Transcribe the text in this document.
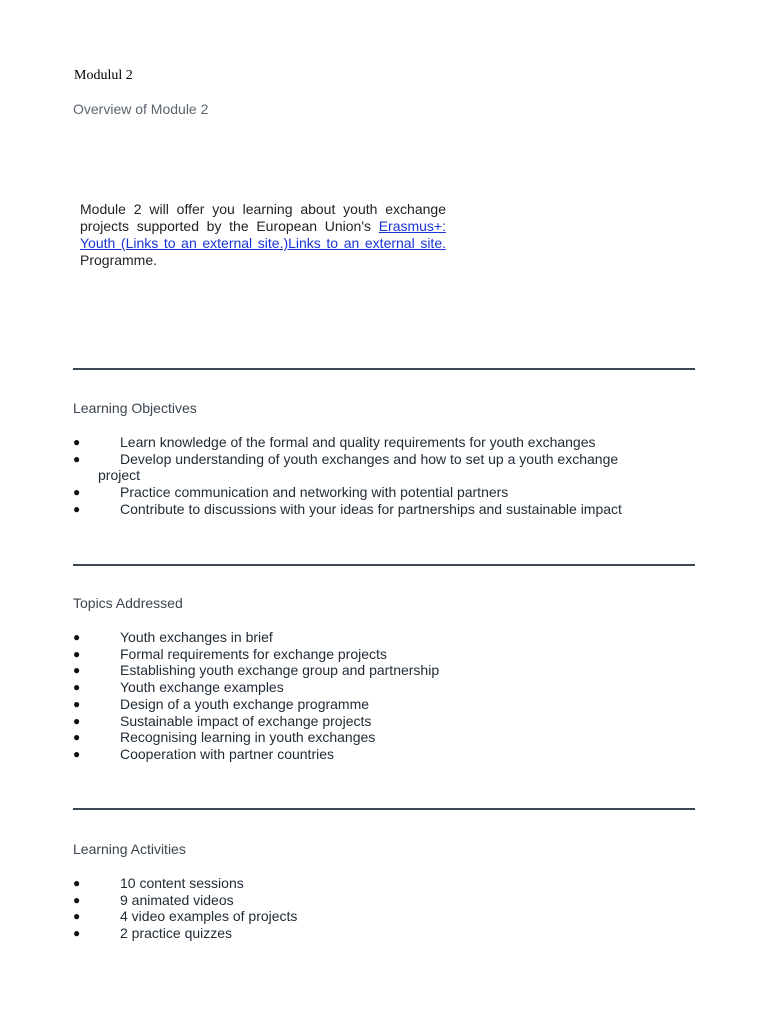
Modulul 2
Overview of Module 2
Module 2 will offer you learning about youth exchange projects supported by the European Union's Erasmus+: Youth (Links to an external site.)Links to an external site. Programme.
Learning Objectives
●	Learn knowledge of the formal and quality requirements for youth exchanges
●	Develop understanding of youth exchanges and how to set up a youth exchange
project
●	Practice communication and networking with potential partners
●	Contribute to discussions with your ideas for partnerships and sustainable impact
Topics Addressed
●	Youth exchanges in brief
●	Formal requirements for exchange projects
●	Establishing youth exchange group and partnership
●	Youth exchange examples
●	Design of a youth exchange programme
●	Sustainable impact of exchange projects
●	Recognising learning in youth exchanges
●	Cooperation with partner countries
Learning Activities
●	10 content sessions
●	9 animated videos
●	4 video examples of projects
●	2 practice quizzes
